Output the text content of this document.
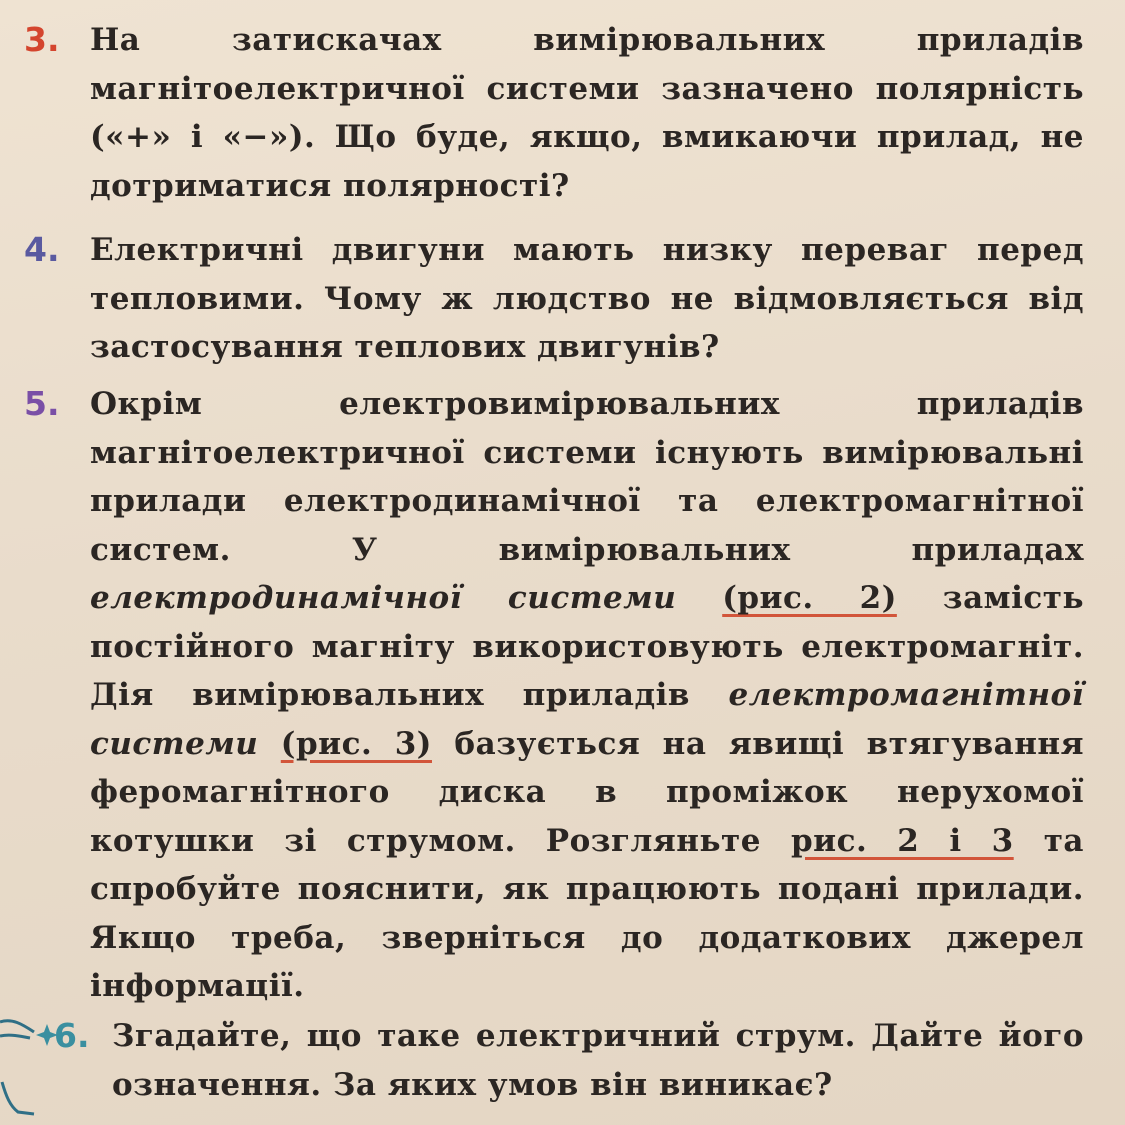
3. На затискачах вимірювальних приладів магнітоелектричної системи зазначено полярність («+» і «−»). Що буде, якщо, вмикаючи прилад, не дотриматися полярності?
4. Електричні двигуни мають низку переваг перед тепловими. Чому ж людство не відмовляється від застосування теплових двигунів?
5. Окрім електровимірювальних приладів магнітоелектричної системи існують вимірювальні прилади електродинамічної та електромагнітної систем. У вимірювальних приладах електродинамічної системи (рис. 2) замість постійного магніту використовують електромагніт. Дія вимірювальних приладів електромагнітної системи (рис. 3) базується на явищі втягування феромагнітного диска в проміжок нерухомої котушки зі струмом. Розгляньте рис. 2 і 3 та спробуйте пояснити, як працюють подані прилади. Якщо треба, зверніться до додаткових джерел інформації.
6. Згадайте, що таке електричний струм. Дайте його означення. За яких умов він виникає?
